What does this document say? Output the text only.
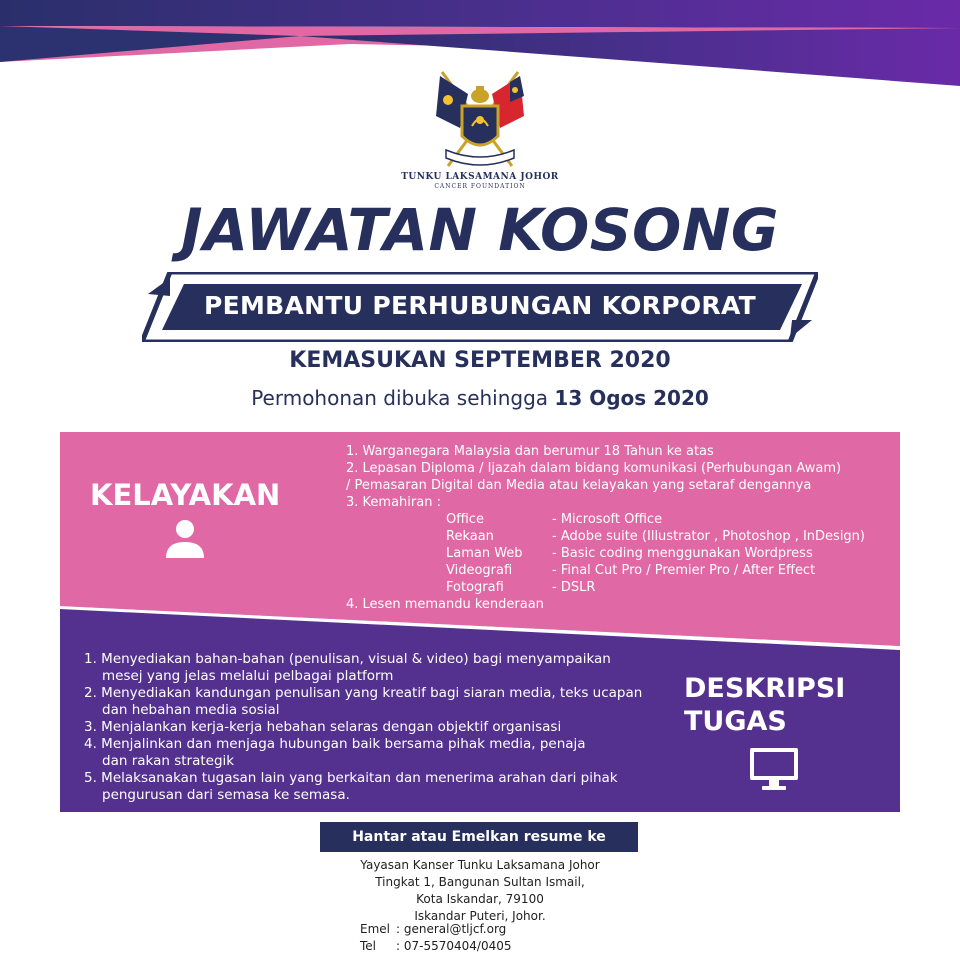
TUNKU LAKSAMANA JOHOR
CANCER FOUNDATION
JAWATAN KOSONG
PEMBANTU PERHUBUNGAN KORPORAT
KEMASUKAN SEPTEMBER 2020
Permohonan dibuka sehingga 13 Ogos 2020
KELAYAKAN
1. Warganegara Malaysia dan berumur 18 Tahun ke atas
2. Lepasan Diploma / Ijazah dalam bidang komunikasi (Perhubungan Awam)
/ Pemasaran Digital dan Media atau kelayakan yang setaraf dengannya
3. Kemahiran :
Office	- Microsoft Office
Rekaan	- Adobe suite (Illustrator , Photoshop , InDesign)
Laman Web - Basic coding menggunakan Wordpress
Videografi	- Final Cut Pro / Premier Pro / After Effect
Fotografi	- DSLR
4. Lesen memandu kenderaan
1. Menyediakan bahan-bahan (penulisan, visual & video) bagi menyampaikan
mesej yang jelas melalui pelbagai platform
2. Menyediakan kandungan penulisan yang kreatif bagi siaran media, teks ucapan
dan hebahan media sosial
3. Menjalankan kerja-kerja hebahan selaras dengan objektif organisasi
4. Menjalinkan dan menjaga hubungan baik bersama pihak media, penaja
dan rakan strategik
5. Melaksanakan tugasan lain yang berkaitan dan menerima arahan dari pihak
pengurusan dari semasa ke semasa.
DESKRIPSI
TUGAS
Hantar atau Emelkan resume ke
Yayasan Kanser Tunku Laksamana Johor
Tingkat 1, Bangunan Sultan Ismail,
Kota Iskandar, 79100
Iskandar Puteri, Johor.
Emel : general@tljcf.org
Tel : 07-5570404/0405
